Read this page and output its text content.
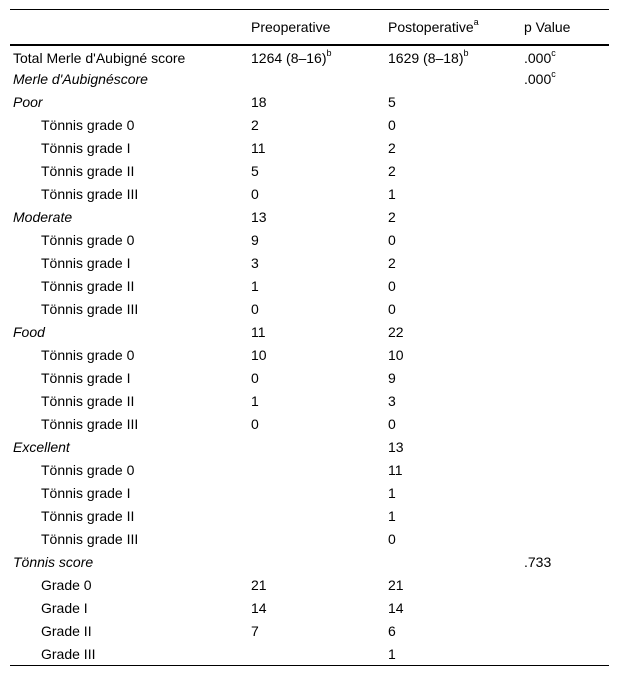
	Preoperative	Postoperative$^a$	p Value
Total Merle d'Aubigné score	1264 $(8-16)^b$	1629 $(8-18)^b$	.000$^c$
Merle d'Aubignéscore			.000$^c$
Poor	18	5	
Tönnis grade 0	2	0	
Tönnis grade I	11	2	
Tönnis grade II	5	2	
Tönnis grade III	0	1	
Moderate	13	2	
Tönnis grade 0	9	0	
Tönnis grade I	3	2	
Tönnis grade II	1	0	
Tönnis grade III	0	0	
Food	11	22	
Tönnis grade 0	10	10	
Tönnis grade I	0	9	
Tönnis grade II	1	3	
Tönnis grade III	0	0	
Excellent		13	
Tönnis grade 0		11	
Tönnis grade I		1	
Tönnis grade II		1	
Tönnis grade III		0	
Tönnis score			.733
Grade 0	21	21	
Grade I	14	14	
Grade II	7	6	
Grade III		1	
